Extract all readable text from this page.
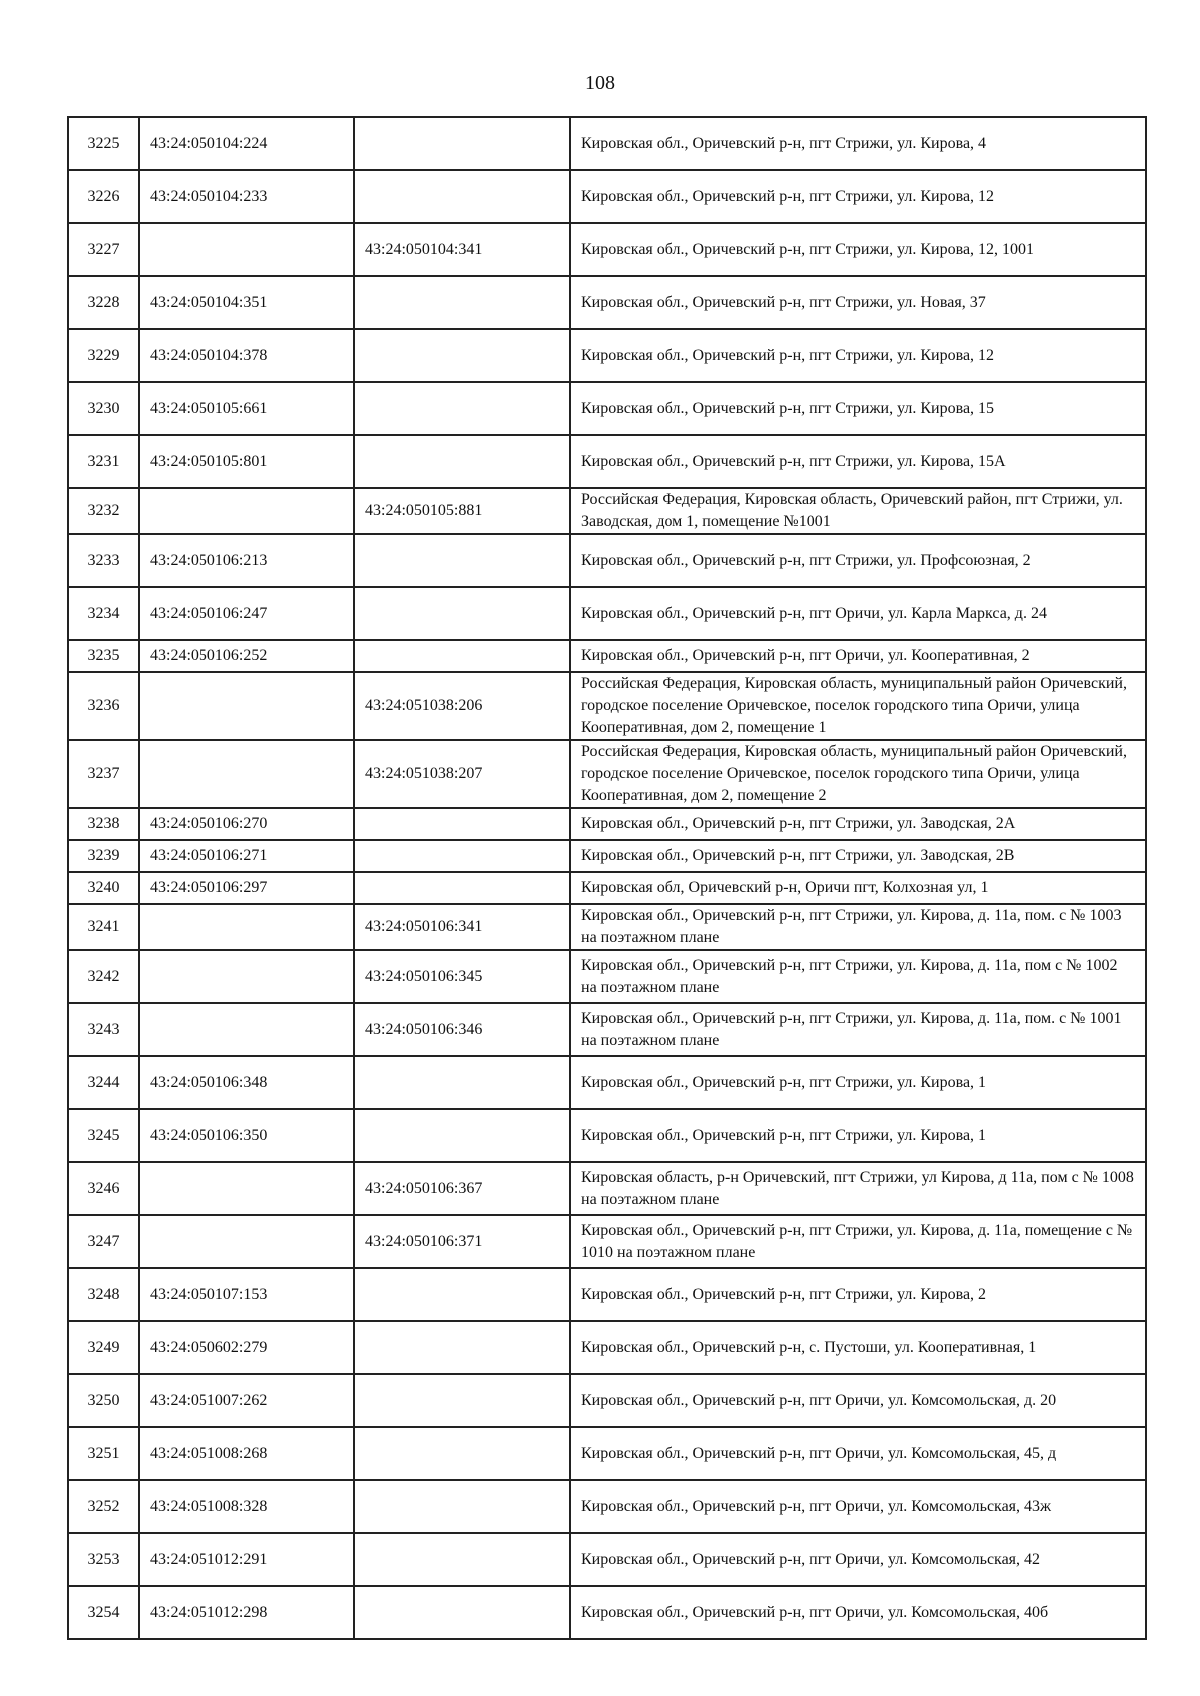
108
3225	43:24:050104:224		Кировская обл., Оричевский р-н, пгт Стрижи, ул. Кирова, 4
3226	43:24:050104:233		Кировская обл., Оричевский р-н, пгт Стрижи, ул. Кирова, 12
3227		43:24:050104:341	Кировская обл., Оричевский р-н, пгт Стрижи, ул. Кирова, 12, 1001
3228	43:24:050104:351		Кировская обл., Оричевский р-н, пгт Стрижи, ул. Новая, 37
3229	43:24:050104:378		Кировская обл., Оричевский р-н, пгт Стрижи, ул. Кирова, 12
3230	43:24:050105:661		Кировская обл., Оричевский р-н, пгт Стрижи, ул. Кирова, 15
3231	43:24:050105:801		Кировская обл., Оричевский р-н, пгт Стрижи, ул. Кирова, 15А
3232		43:24:050105:881	Российская Федерация, Кировская область, Оричевский район, пгт Стрижи, ул. Заводская, дом 1, помещение №1001
3233	43:24:050106:213		Кировская обл., Оричевский р-н, пгт Стрижи, ул. Профсоюзная, 2
3234	43:24:050106:247		Кировская обл., Оричевский р-н, пгт Оричи, ул. Карла Маркса, д. 24
3235	43:24:050106:252		Кировская обл., Оричевский р-н, пгт Оричи, ул. Кооперативная, 2
3236		43:24:051038:206	Российская Федерация, Кировская область, муниципальный район Оричевский, городское поселение Оричевское, поселок городского типа Оричи, улица Кооперативная, дом 2, помещение 1
3237		43:24:051038:207	Российская Федерация, Кировская область, муниципальный район Оричевский, городское поселение Оричевское, поселок городского типа Оричи, улица Кооперативная, дом 2, помещение 2
3238	43:24:050106:270		Кировская обл., Оричевский р-н, пгт Стрижи, ул. Заводская, 2А
3239	43:24:050106:271		Кировская обл., Оричевский р-н, пгт Стрижи, ул. Заводская, 2В
3240	43:24:050106:297		Кировская обл, Оричевский р-н, Оричи пгт, Колхозная ул, 1
3241		43:24:050106:341	Кировская обл., Оричевский р-н, пгт Стрижи, ул. Кирова, д. 11а, пом. с № 1003 на поэтажном плане
3242		43:24:050106:345	Кировская обл., Оричевский р-н, пгт Стрижи, ул. Кирова, д. 11а, пом с № 1002 на поэтажном плане
3243		43:24:050106:346	Кировская обл., Оричевский р-н, пгт Стрижи, ул. Кирова, д. 11а, пом. с № 1001 на поэтажном плане
3244	43:24:050106:348		Кировская обл., Оричевский р-н, пгт Стрижи, ул. Кирова, 1
3245	43:24:050106:350		Кировская обл., Оричевский р-н, пгт Стрижи, ул. Кирова, 1
3246		43:24:050106:367	Кировская область, р-н Оричевский, пгт Стрижи, ул Кирова, д 11а, пом с № 1008 на поэтажном плане
3247		43:24:050106:371	Кировская обл., Оричевский р-н, пгт Стрижи, ул. Кирова, д. 11а, помещение с № 1010 на поэтажном плане
3248	43:24:050107:153		Кировская обл., Оричевский р-н, пгт Стрижи, ул. Кирова, 2
3249	43:24:050602:279		Кировская обл., Оричевский р-н, с. Пустоши, ул. Кооперативная, 1
3250	43:24:051007:262		Кировская обл., Оричевский р-н, пгт Оричи, ул. Комсомольская, д. 20
3251	43:24:051008:268		Кировская обл., Оричевский р-н, пгт Оричи, ул. Комсомольская, 45, д
3252	43:24:051008:328		Кировская обл., Оричевский р-н, пгт Оричи, ул. Комсомольская, 43ж
3253	43:24:051012:291		Кировская обл., Оричевский р-н, пгт Оричи, ул. Комсомольская, 42
3254	43:24:051012:298		Кировская обл., Оричевский р-н, пгт Оричи, ул. Комсомольская, 40б
